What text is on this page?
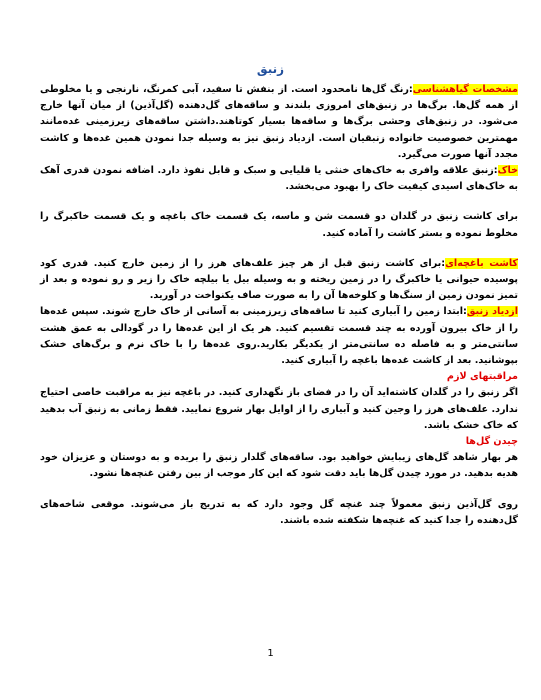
زنبق

مشخصات گیاهشناسی:رنگ گل‌ها نامحدود است. از بنفش تا سفید، آبی کمرنگ، نارنجی و یا مخلوطی از همه گل‌ها. برگ‌ها در زنبق‌های امروزی بلندند و ساقه‌های گل‌دهنده (گل‌آذین) از میان آنها خارج می‌شود. در زنبق‌های وحشی برگ‌ها و ساقه‌ها بسیار کوتاهند.داشتن ساقه‌های زیرزمینی غده‌مانند مهمترین خصوصیت خانواده زنبقیان است. ازدیاد زنبق نیز به وسیله جدا نمودن همین غده‌ها و کاشت مجدد آنها صورت می‌گیرد.

خاک:زنبق علاقه وافری به خاک‌های خنثی یا قلیایی و سبک و قابل نفوذ دارد. اضافه نمودن قدری آهک به خاک‌های اسیدی کیفیت خاک را بهبود می‌بخشد.

برای کاشت زنبق در گلدان دو قسمت شن و ماسه، یک قسمت خاک باغچه و یک قسمت خاکبرگ را مخلوط نموده و بستر کاشت را آماده کنید.

کاشت باغچه‌ای:برای کاشت زنبق قبل از هر چیز علف‌های هرز را از زمین خارج کنید. قدری کود پوسیده حیوانی یا خاکبرگ را در زمین ریخته و به وسیله بیل یا بیلچه خاک را زیر و رو نموده و بعد از تمیز نمودن زمین از سنگ‌ها و کلوخه‌ها آن را به صورت صاف یکنواخت در آورید.

ازدیاد زنبق:ابتدا زمین را آبیاری کنید تا ساقه‌های زیرزمینی به آسانی از خاک خارج شوند. سپس غده‌ها را از خاک بیرون آورده به چند قسمت تقسیم کنید. هر یک از این غده‌ها را در گودالی به عمق هشت سانتی‌متر و به فاصله ده سانتی‌متر از یکدیگر بکارید.روی غده‌ها را با خاک نرم و برگ‌های خشک بپوشانید. بعد از کاشت غده‌ها باغچه را آبیاری کنید.

مراقبتهای لازم

اگر زنبق را در گلدان کاشته‌اید آن را در فضای باز نگهداری کنید. در باغچه نیز به مراقبت خاصی احتیاج ندارد. علف‌های هرز را وجین کنید و آبیاری را از اوایل بهار شروع نمایید. فقط زمانی به زنبق آب بدهید که خاک خشک باشد.

چیدن گل‌ها

هر بهار شاهد گل‌های زیبایش خواهید بود. ساقه‌های گلدار زنبق را بریده و به دوستان و عزیزان خود هدیه بدهید. در مورد چیدن گل‌ها باید دقت شود که این کار موجب از بین رفتن غنچه‌ها نشود.

روی گل‌آذین زنبق معمولاً چند غنچه گل وجود دارد که به تدریج باز می‌شوند. موقعی شاخه‌های گل‌دهنده را جدا کنید که غنچه‌ها شکفته شده باشند.

1
